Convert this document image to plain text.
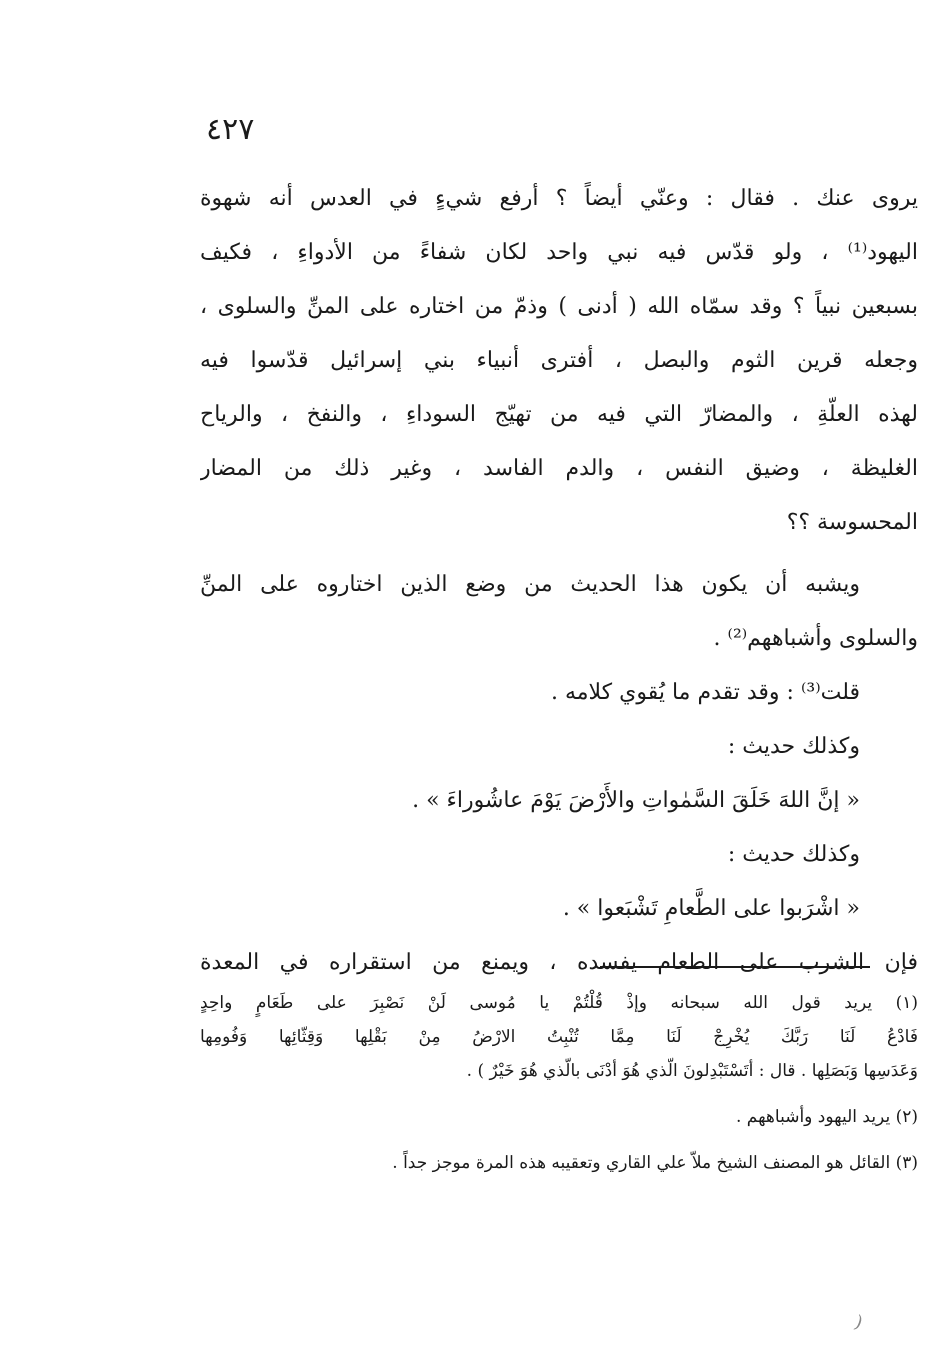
٤٢٧
يروى عنك . فقال : وعنّي أيضاً ؟ أرفع شيءٍ في العدس أنه شهوة
اليهود⁽¹⁾ ، ولو قدّس فيه نبي واحد لكان شفاءً من الأدواءِ ، فكيف
بسبعين نبياً ؟ وقد سمّاه الله ( أدنى ) وذمّ من اختاره على المنِّ والسلوى ،
وجعله قرين الثوم والبصل ، أفترى أنبياء بني إسرائيل قدّسوا فيه
لهذه العلّةِ ، والمضارّ التي فيه من تهيّج السوداءِ ، والنفخ ، والرياح
الغليظة ، وضيق النفس ، والدم الفاسد ، وغير ذلك من المضار
المحسوسة ؟؟
ويشبه أن يكون هذا الحديث من وضع الذين اختاروه على المنِّ
والسلوى وأشباههم⁽²⁾ .
قلت⁽³⁾ : وقد تقدم ما يُقوي كلامه .
وكذلك حديث :
« إنَّ اللهَ خَلَقَ السَّمٰواتِ والأَرْضَ يَوْمَ عاشُوراءَ » .
وكذلك حديث :
« اشْرَبوا على الطَّعامِ تَشْبَعوا » .
فإن الشرب على الطعام يفسده ، ويمنع من استقراره في المعدة
(١) يريد قول الله سبحانه وإذْ قُلْتُمْ يا مُوسى لَنْ نَصْبِرَ على طَعَامٍ واحِدٍ
فَادْعُ لَنَا رَبَّكَ يُخْرِجْ لَنَا مِمَّا تُنْبِتُ الارْضُ مِنْ بَقْلِها وَقِثّائِها وَفُومِها
وَعَدَسِها وَبَصَلِها . قال : أتَسْتَبْدِلونَ الّذي هُوَ أدْنَى بالّذي هُوَ خَيْرٌ ) .
(٢) يريد اليهود وأشباههم .
(٣) القائل هو المصنف الشيخ ملاّ علي القاري وتعقيبه هذه المرة موجز جداً .
)
